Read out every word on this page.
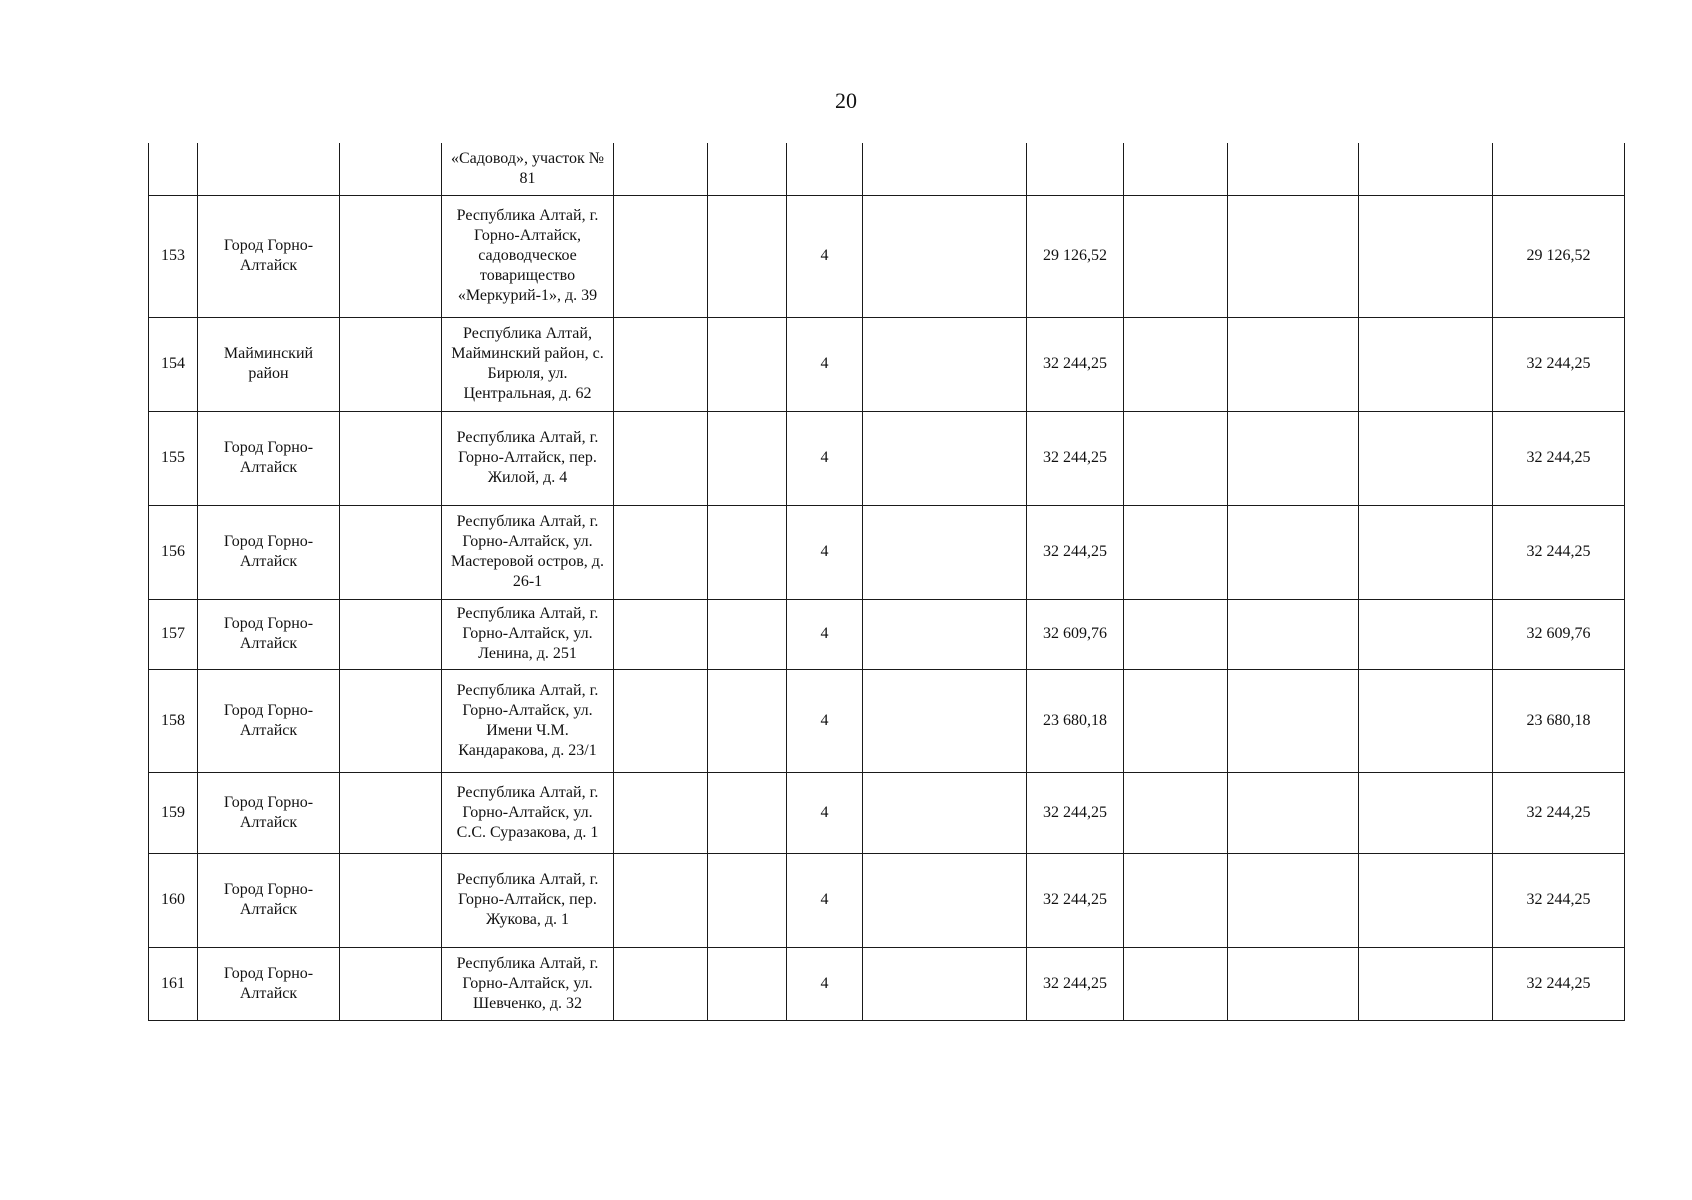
20
			«Садовод», участок № 81									
153	Город Горно-Алтайск		Республика Алтай, г. Горно-Алтайск, садоводческое товарищество «Меркурий-1», д. 39			4		29 126,52				29 126,52
154	Майминский район		Республика Алтай, Майминский район, с. Бирюля, ул. Центральная, д. 62			4		32 244,25				32 244,25
155	Город Горно-Алтайск		Республика Алтай, г. Горно-Алтайск, пер. Жилой, д. 4			4		32 244,25				32 244,25
156	Город Горно-Алтайск		Республика Алтай, г. Горно-Алтайск, ул. Мастеровой остров, д. 26-1			4		32 244,25				32 244,25
157	Город Горно-Алтайск		Республика Алтай, г. Горно-Алтайск, ул. Ленина, д. 251			4		32 609,76				32 609,76
158	Город Горно-Алтайск		Республика Алтай, г. Горно-Алтайск, ул. Имени Ч.М. Кандаракова, д. 23/1			4		23 680,18				23 680,18
159	Город Горно-Алтайск		Республика Алтай, г. Горно-Алтайск, ул. С.С. Суразакова, д. 1			4		32 244,25				32 244,25
160	Город Горно-Алтайск		Республика Алтай, г. Горно-Алтайск, пер. Жукова, д. 1			4		32 244,25				32 244,25
161	Город Горно-Алтайск		Республика Алтай, г. Горно-Алтайск, ул. Шевченко, д. 32			4		32 244,25				32 244,25
